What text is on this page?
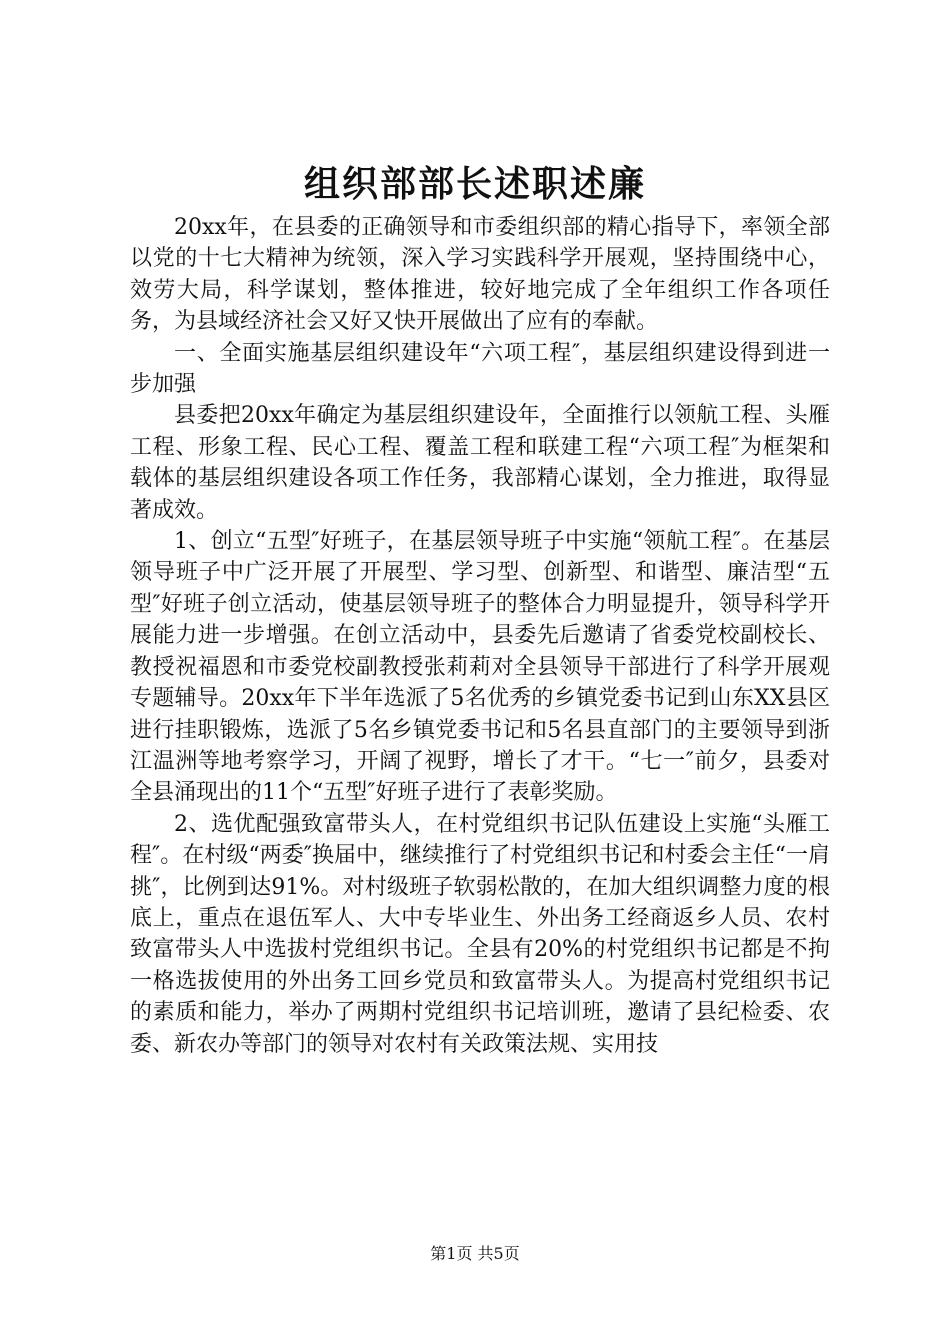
组织部部长述职述廉

20xx年，在县委的正确领导和市委组织部的精心指导下，率领全部以党的十七大精神为统领，深入学习实践科学开展观，坚持围绕中心，效劳大局，科学谋划，整体推进，较好地完成了全年组织工作各项任务，为县域经济社会又好又快开展做出了应有的奉献。

一、全面实施基层组织建设年“六项工程″，基层组织建设得到进一步加强

县委把20xx年确定为基层组织建设年，全面推行以领航工程、头雁工程、形象工程、民心工程、覆盖工程和联建工程“六项工程″为框架和载体的基层组织建设各项工作任务，我部精心谋划，全力推进，取得显著成效。

1、创立“五型″好班子，在基层领导班子中实施“领航工程″。在基层领导班子中广泛开展了开展型、学习型、创新型、和谐型、廉洁型“五型″好班子创立活动，使基层领导班子的整体合力明显提升，领导科学开展能力进一步增强。在创立活动中，县委先后邀请了省委党校副校长、教授祝福恩和市委党校副教授张莉莉对全县领导干部进行了科学开展观专题辅导。20xx年下半年选派了5名优秀的乡镇党委书记到山东XX县区进行挂职锻炼，选派了5名乡镇党委书记和5名县直部门的主要领导到浙江温洲等地考察学习，开阔了视野，增长了才干。“七一″前夕，县委对全县涌现出的11个“五型″好班子进行了表彰奖励。

2、选优配强致富带头人，在村党组织书记队伍建设上实施“头雁工程″。在村级“两委″换届中，继续推行了村党组织书记和村委会主任“一肩挑″，比例到达91%。对村级班子软弱松散的，在加大组织调整力度的根底上，重点在退伍军人、大中专毕业生、外出务工经商返乡人员、农村致富带头人中选拔村党组织书记。全县有20%的村党组织书记都是不拘一格选拔使用的外出务工回乡党员和致富带头人。为提高村党组织书记的素质和能力，举办了两期村党组织书记培训班，邀请了县纪检委、农委、新农办等部门的领导对农村有关政策法规、实用技

第1页 共5页
